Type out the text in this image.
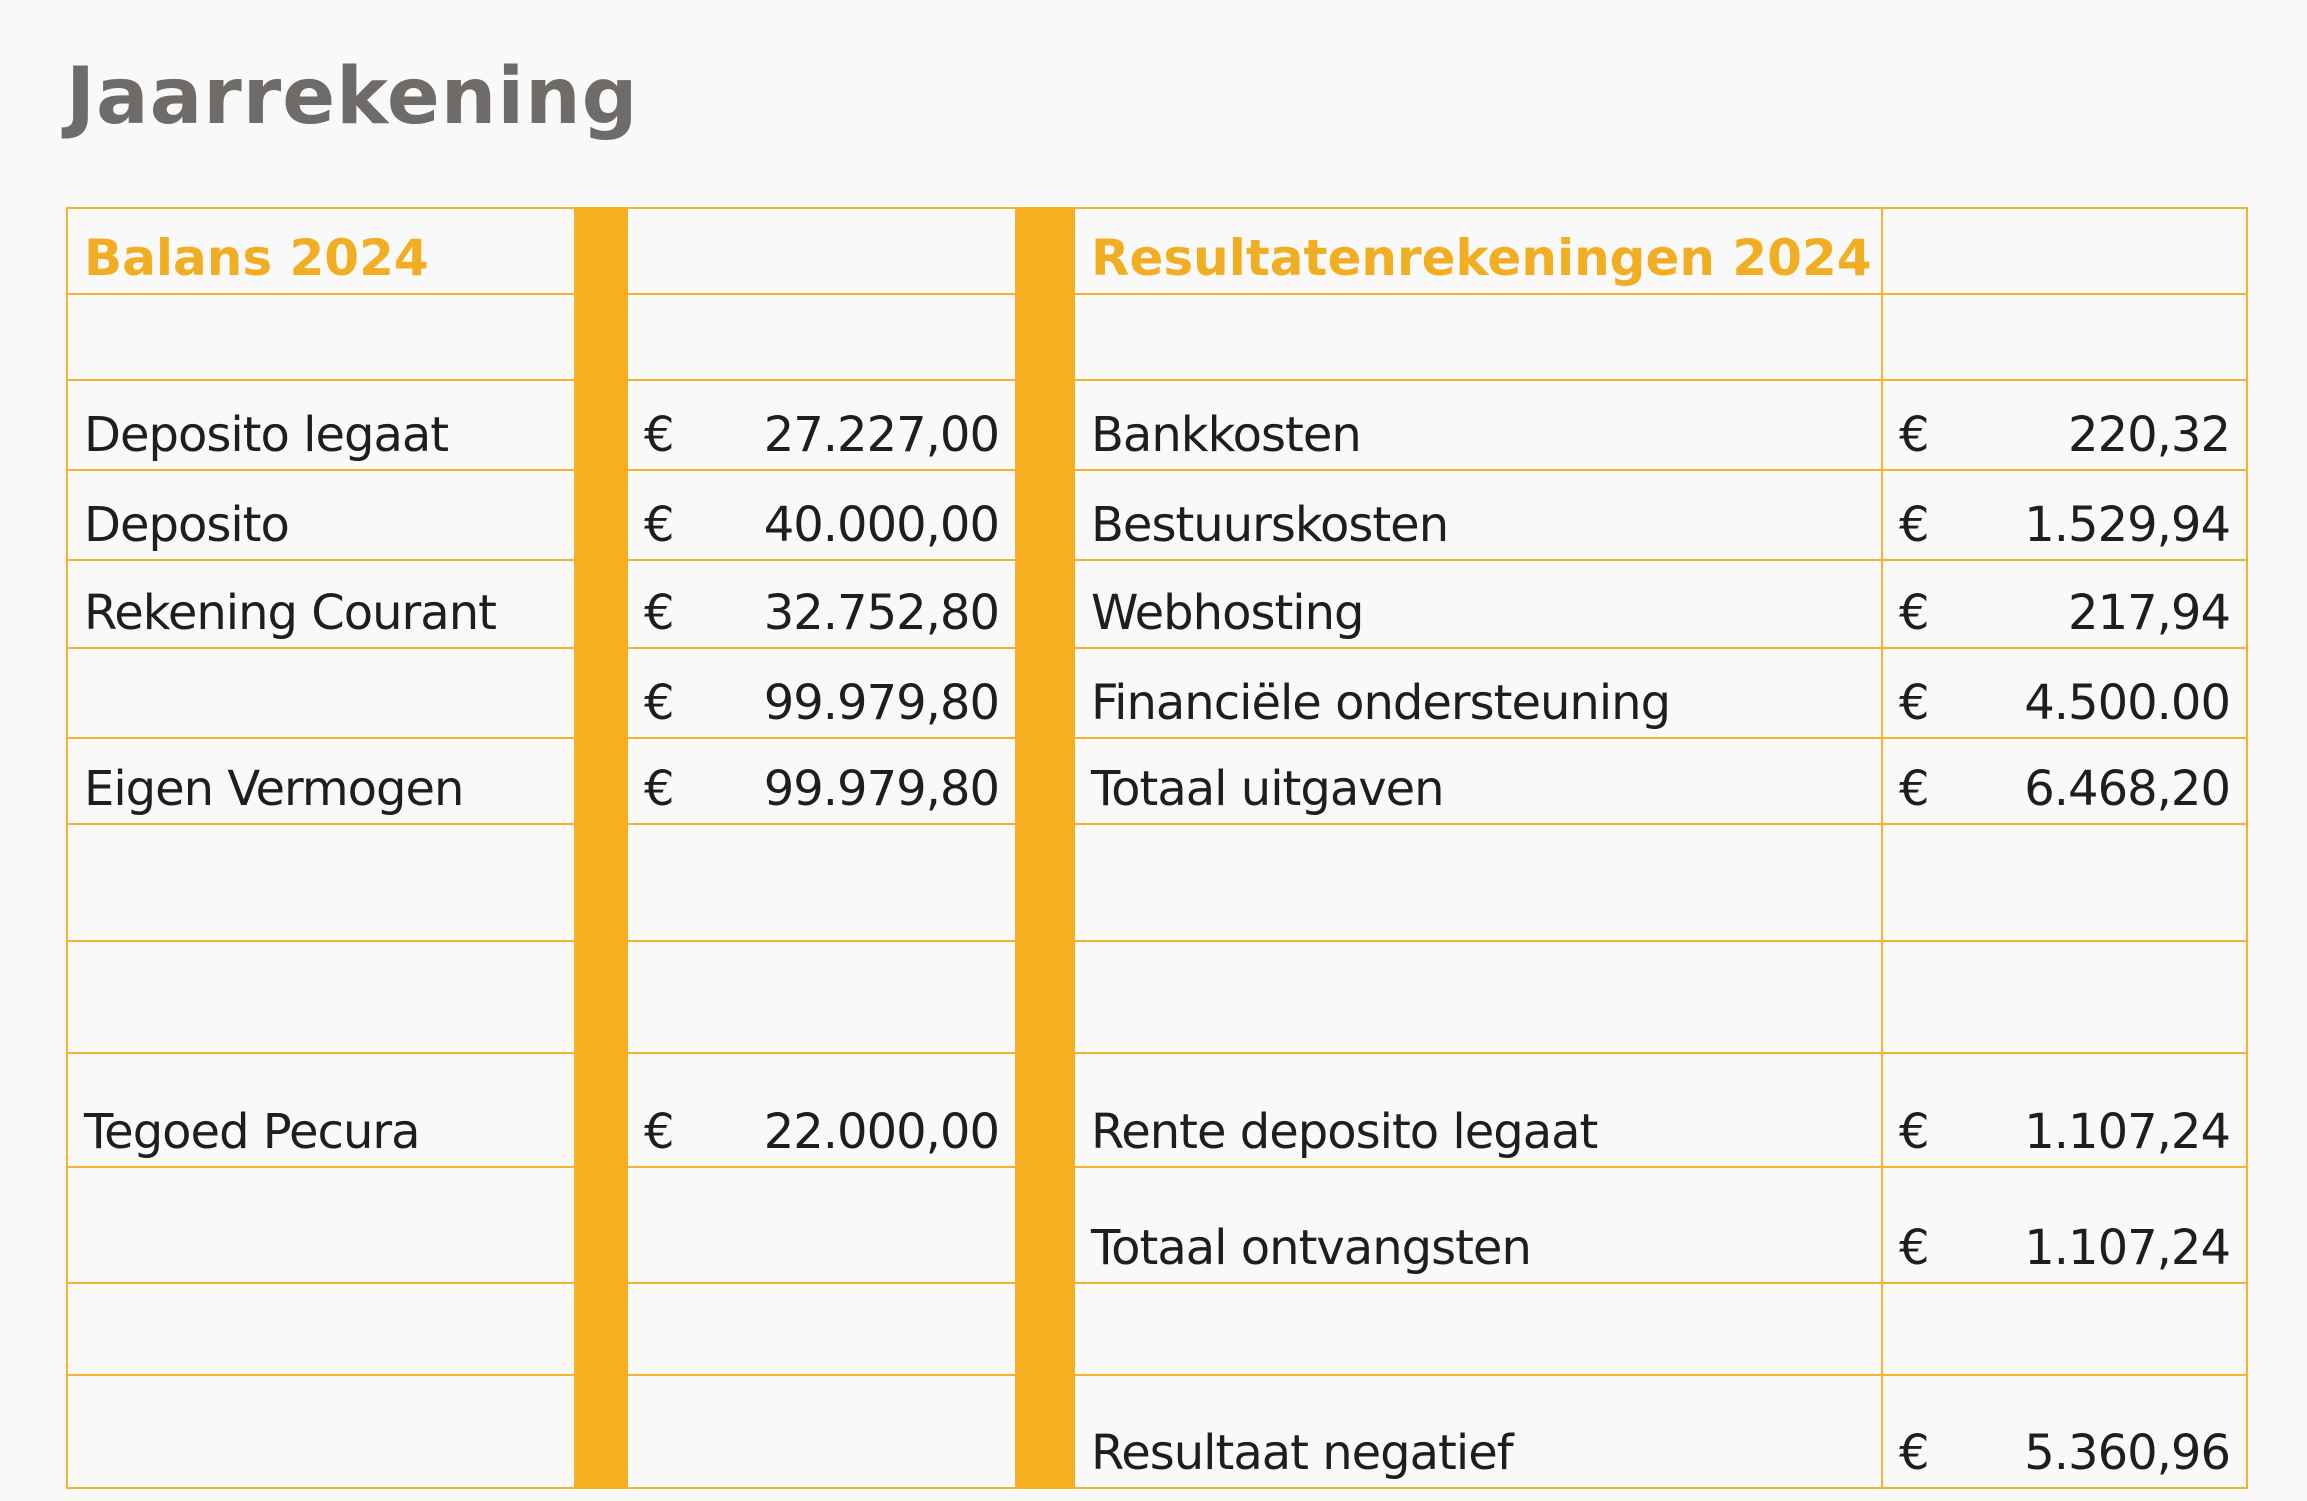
Jaarrekening
Balans 2024				Resultatenrekeningen 2024	

Deposito legaat		€ 27.227,00		Bankkosten	€ 220,32

Deposito		€ 40.000,00		Bestuurskosten	€ 1.529,94

Rekening Courant		€ 32.752,80		Webhosting	€ 217,94

		€ 99.979,80		Financiële ondersteuning	€ 4.500.00

Eigen Vermogen		€ 99.979,80		Totaal uitgaven	€ 6.468,20

Tegoed Pecura		€ 22.000,00		Rente deposito legaat	€ 1.107,24

				Totaal ontvangsten	€ 1.107,24

				Resultaat negatief	€ 5.360,96
